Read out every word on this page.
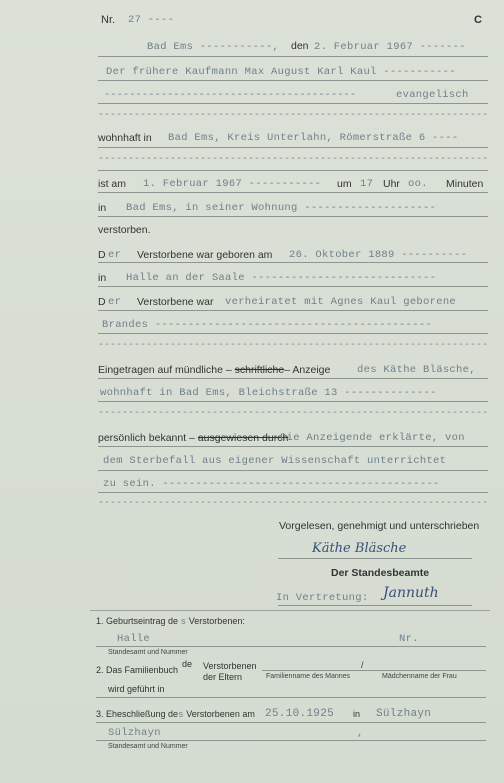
Nr. 27 ----	C
Bad Ems -----------, den 2. Februar 1967 -------
Der frühere Kaufmann Max August Karl Kaul -----------
----------------------------------------	evangelisch
-----------------------------------------------------------------
wohnhaft in Bad Ems, Kreis Unterlahn, Römerstraße 6 ----
-----------------------------------------------------------------
ist am 1. Februar 1967 ----------- um 17 Uhr oo. Minuten
in Bad Ems, in seiner Wohnung --------------------
verstorben.
D er Verstorbene war geboren am 26. Oktober 1889 ----------
in Halle an der Saale ----------------------------
D er Verstorbene war verheiratet mit Agnes Kaul geborene
Brandes ------------------------------------------
-----------------------------------------------------------------
Eingetragen auf mündliche – schriftliche– Anzeige	des Käthe Bläsche,
wohnhaft in Bad Ems, Bleichstraße 13 --------------
-----------------------------------------------------------------
persönlich bekannt – ausgewiesen durch
Die Anzeigende erklärte, von
dem Sterbefall aus eigener Wissenschaft unterrichtet
zu sein. ------------------------------------------
-----------------------------------------------------------------
Vorgelesen, genehmigt und unterschrieben
Käthe Bläsche
Der Standesbeamte
In Vertretung: Jannuth
1. Geburtseintrag de s Verstorbenen:
Halle	Nr.
Standesamt und Nummer
2. Das Familienbuch
de Verstorbenen
der Eltern
/
Familienname des Mannes	Mädchenname der Frau
wird geführt in
3. Eheschließung des Verstorbenen am 25.10.1925 in Sülzhayn
Sülzhayn	,
Standesamt und Nummer
